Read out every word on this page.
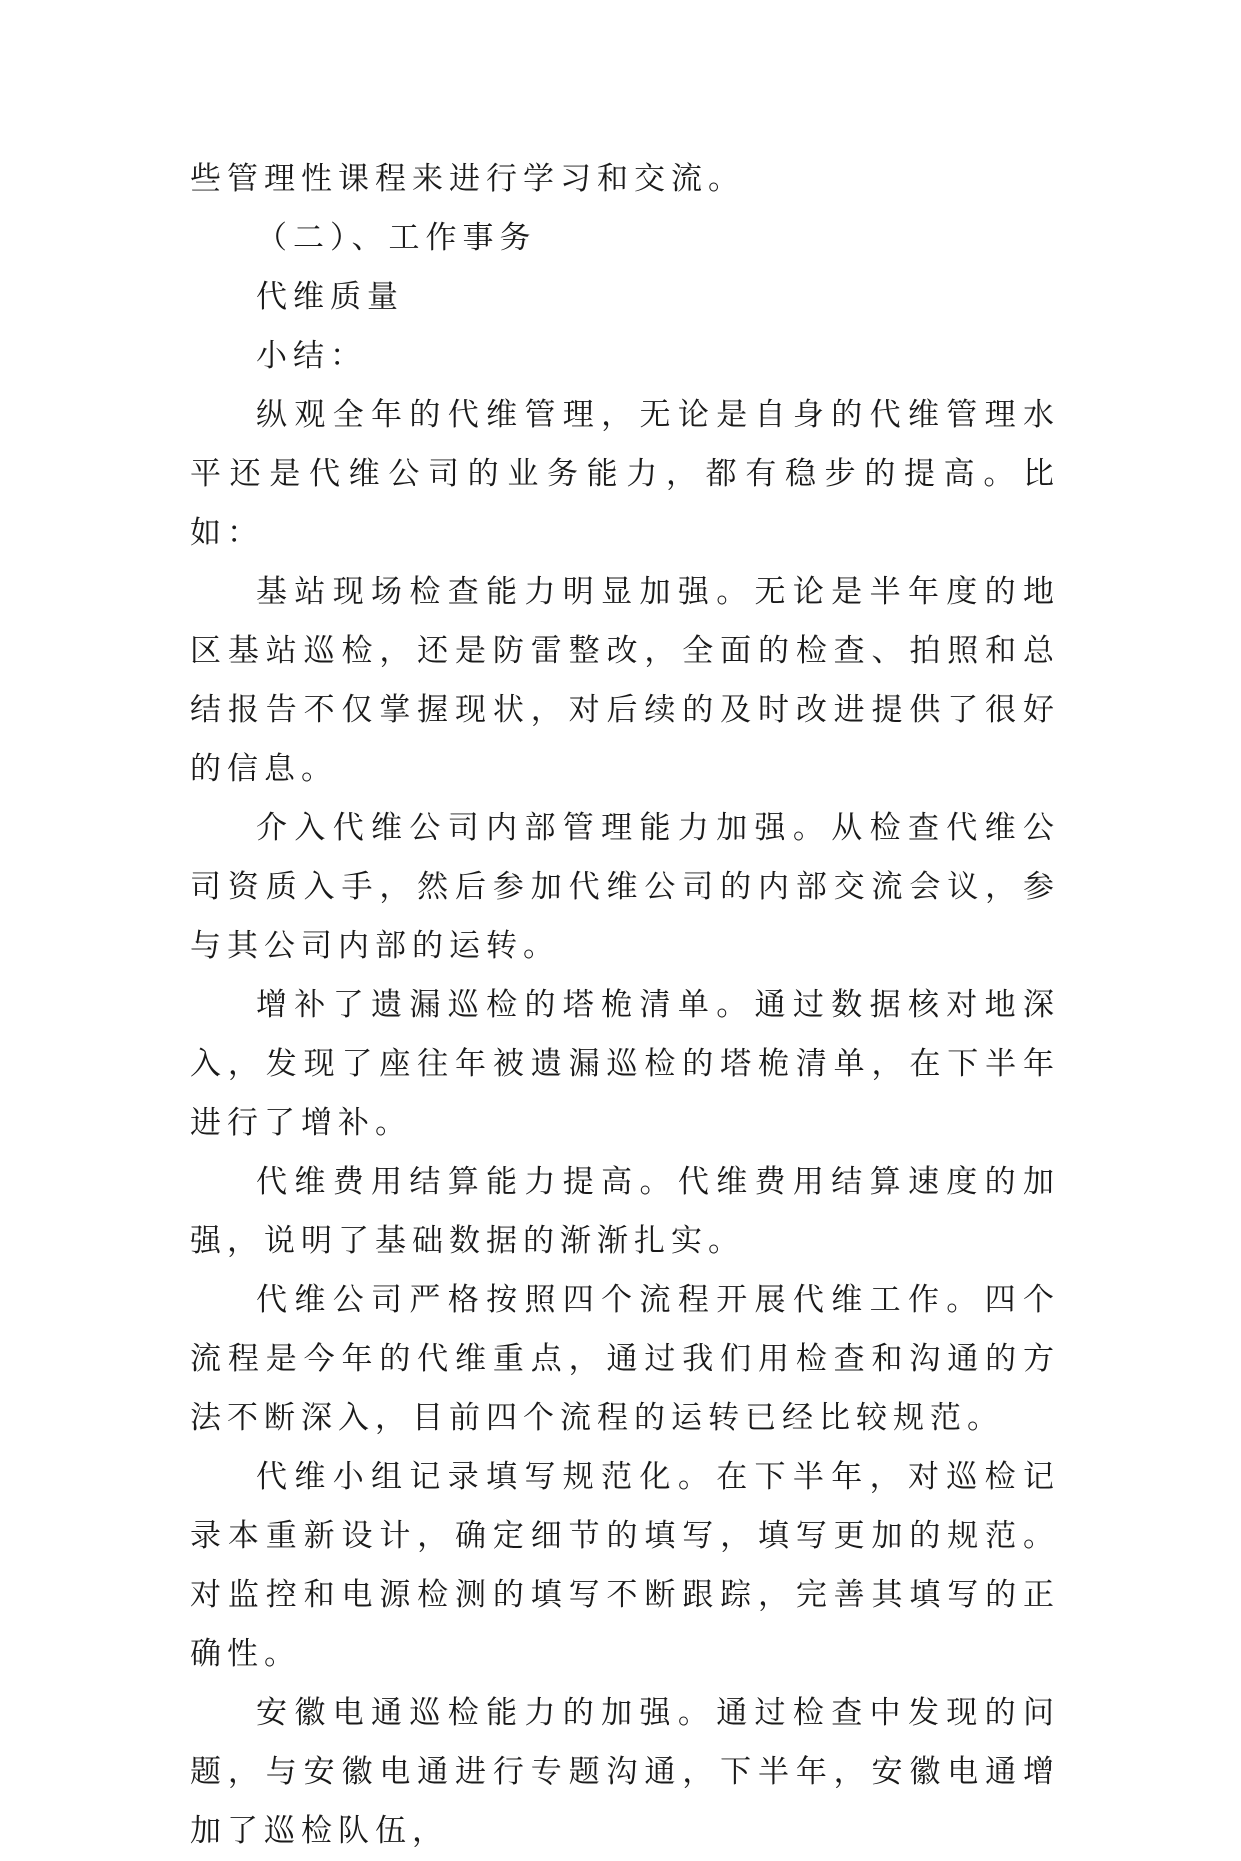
些管理性课程来进行学习和交流。

（二）、工作事务

代维质量

小结：

纵观全年的代维管理，无论是自身的代维管理水平还是代维公司的业务能力，都有稳步的提高。比如：

基站现场检查能力明显加强。无论是半年度的地区基站巡检，还是防雷整改，全面的检查、拍照和总结报告不仅掌握现状，对后续的及时改进提供了很好的信息。

介入代维公司内部管理能力加强。从检查代维公司资质入手，然后参加代维公司的内部交流会议，参与其公司内部的运转。

增补了遗漏巡检的塔桅清单。通过数据核对地深入，发现了座往年被遗漏巡检的塔桅清单，在下半年进行了增补。

代维费用结算能力提高。代维费用结算速度的加强，说明了基础数据的渐渐扎实。

代维公司严格按照四个流程开展代维工作。四个流程是今年的代维重点，通过我们用检查和沟通的方法不断深入，目前四个流程的运转已经比较规范。

代维小组记录填写规范化。在下半年，对巡检记录本重新设计，确定细节的填写，填写更加的规范。对监控和电源检测的填写不断跟踪，完善其填写的正确性。

安徽电通巡检能力的加强。通过检查中发现的问题，与安徽电通进行专题沟通，下半年，安徽电通增加了巡检队伍，
